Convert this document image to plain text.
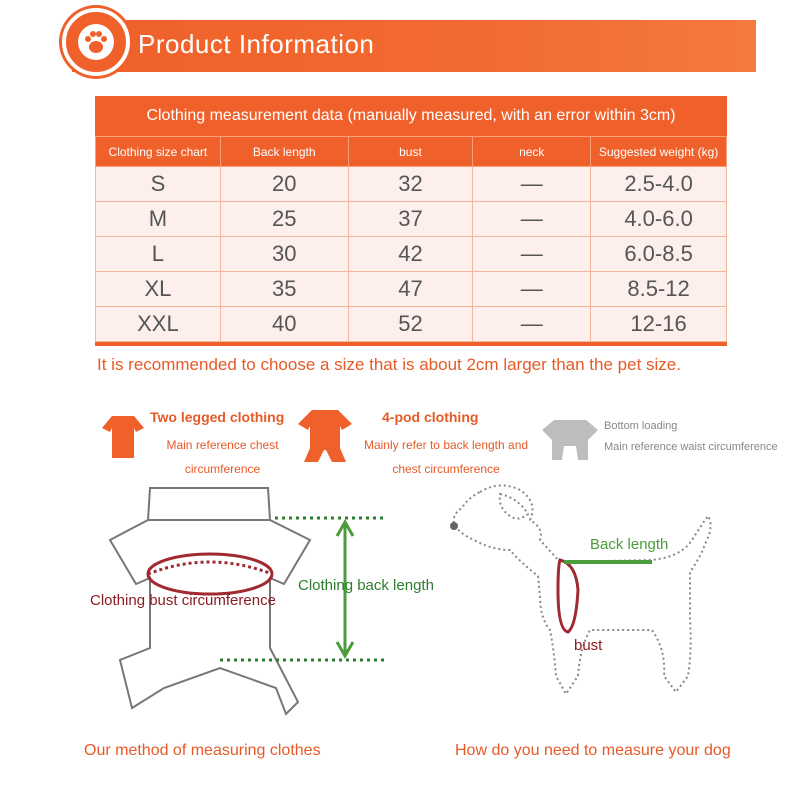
Product Information
Clothing measurement data (manually measured, with an error within 3cm)
Clothing size chart	Back length	bust	neck	Suggested weight (kg)
S	20	32	—	2.5-4.0
M	25	37	—	4.0-6.0
L	30	42	—	6.0-8.5
XL	35	47	—	8.5-12
XXL	40	52	—	12-16
It is recommended to choose a size that is about 2cm larger than the pet size.
Two legged clothing
Main reference chest
circumference
4-pod clothing
Mainly refer to back length and
chest circumference
Bottom loading
Main reference waist circumference
Clothing bust circumference
Clothing back length
Back length
bust
Our method of measuring clothes	How do you need to measure your dog
